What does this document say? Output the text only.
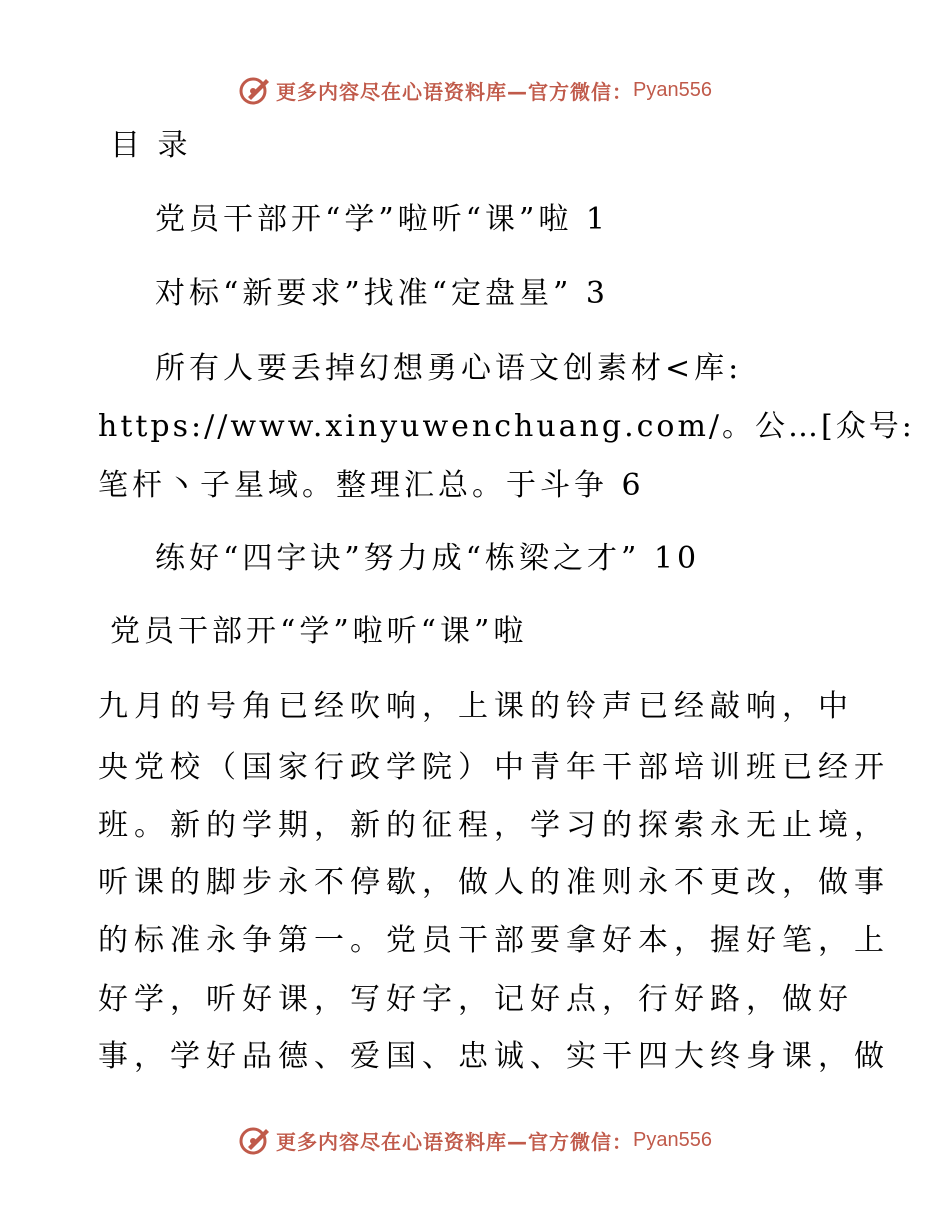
更多内容尽在心语资料库—官方微信： Pyan556
目 录
党员干部开“学”啦听“课”啦 1
对标“新要求”找准“定盘星” 3
所有人要丢掉幻想勇心语文创素材<库:
https://www.xinyuwenchuang.com/。公…[众号:
笔杆丶子星域。整理汇总。于斗争 6
练好“四字诀”努力成“栋梁之才” 10
党员干部开“学”啦听“课”啦
九月的号角已经吹响，上课的铃声已经敲响，中
央党校（国家行政学院）中青年干部培训班已经开
班。新的学期，新的征程，学习的探索永无止境，
听课的脚步永不停歇，做人的准则永不更改，做事
的标准永争第一。党员干部要拿好本，握好笔，上
好学，听好课，写好字，记好点，行好路，做好
事，学好品德、爱国、忠诚、实干四大终身课，做
更多内容尽在心语资料库—官方微信： Pyan556
